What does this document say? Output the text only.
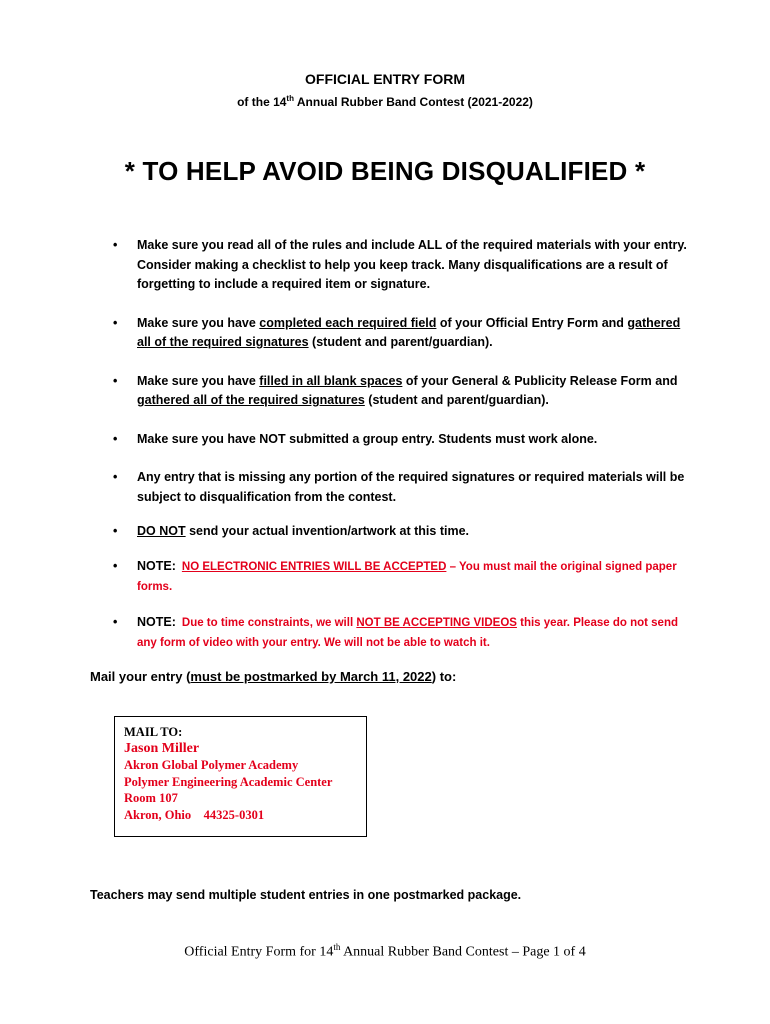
OFFICIAL ENTRY FORM
of the 14th Annual Rubber Band Contest (2021-2022)
* TO HELP AVOID BEING DISQUALIFIED *
• Make sure you read all of the rules and include ALL of the required materials with your entry. Consider making a checklist to help you keep track. Many disqualifications are a result of forgetting to include a required item or signature.
• Make sure you have completed each required field of your Official Entry Form and gathered all of the required signatures (student and parent/guardian).
• Make sure you have filled in all blank spaces of your General & Publicity Release Form and gathered all of the required signatures (student and parent/guardian).
• Make sure you have NOT submitted a group entry. Students must work alone.
• Any entry that is missing any portion of the required signatures or required materials will be subject to disqualification from the contest.
• DO NOT send your actual invention/artwork at this time.
• NOTE: NO ELECTRONIC ENTRIES WILL BE ACCEPTED – You must mail the original signed paper forms.
• NOTE: Due to time constraints, we will NOT BE ACCEPTING VIDEOS this year. Please do not send any form of video with your entry. We will not be able to watch it.
Mail your entry (must be postmarked by March 11, 2022) to:
MAIL TO:
Jason Miller
Akron Global Polymer Academy
Polymer Engineering Academic Center
Room 107
Akron, Ohio    44325-0301
Teachers may send multiple student entries in one postmarked package.
Official Entry Form for 14th Annual Rubber Band Contest – Page 1 of 4
